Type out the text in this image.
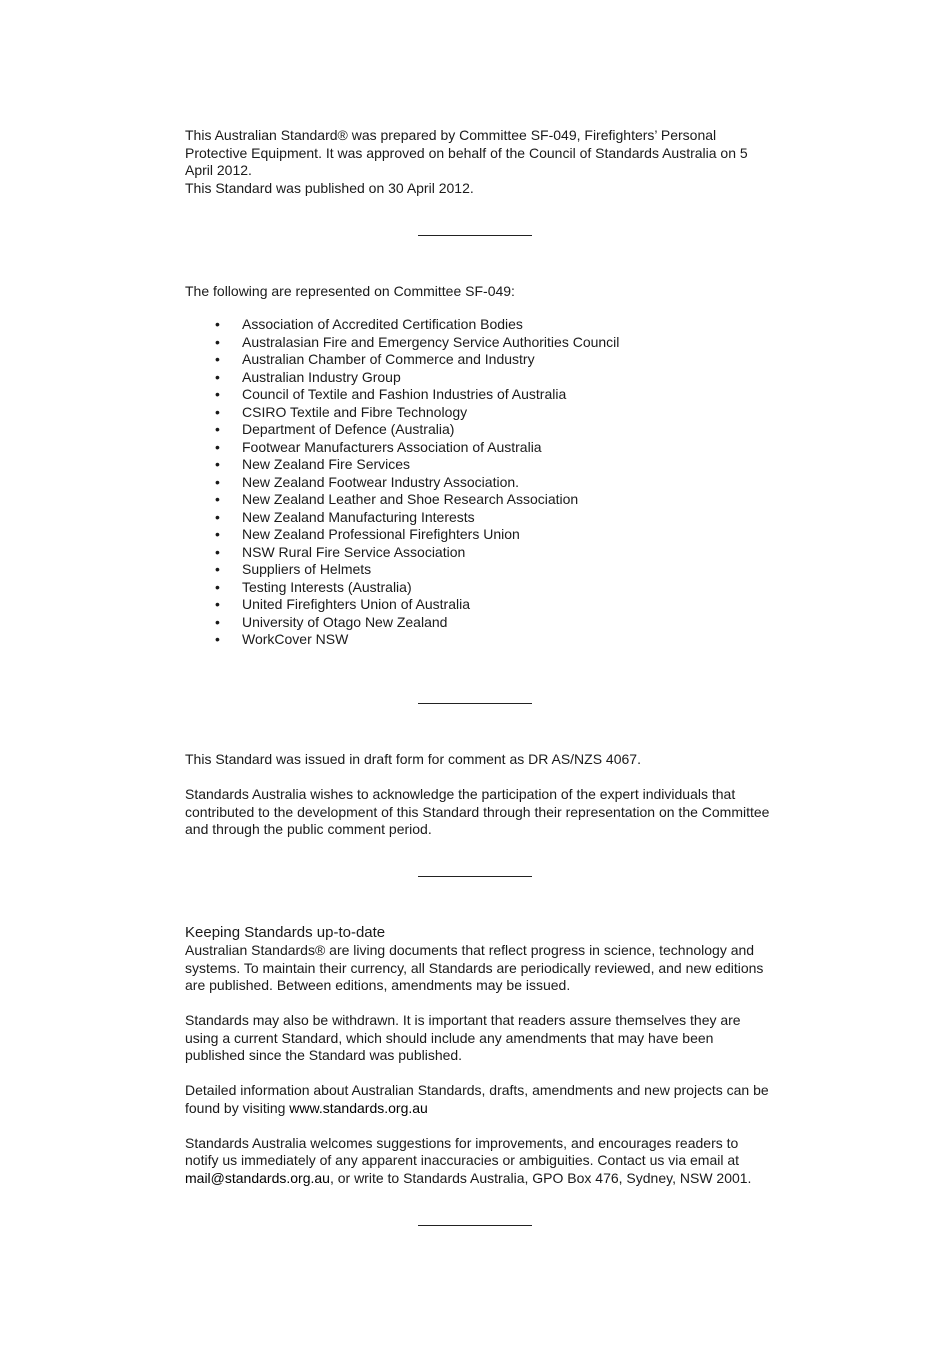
This Australian Standard® was prepared by Committee SF-049, Firefighters’ Personal Protective Equipment. It was approved on behalf of the Council of Standards Australia on 5 April 2012.

This Standard was published on 30 April 2012.

The following are represented on Committee SF-049:

• Association of Accredited Certification Bodies
• Australasian Fire and Emergency Service Authorities Council
• Australian Chamber of Commerce and Industry
• Australian Industry Group
• Council of Textile and Fashion Industries of Australia
• CSIRO Textile and Fibre Technology
• Department of Defence (Australia)
• Footwear Manufacturers Association of Australia
• New Zealand Fire Services
• New Zealand Footwear Industry Association.
• New Zealand Leather and Shoe Research Association
• New Zealand Manufacturing Interests
• New Zealand Professional Firefighters Union
• NSW Rural Fire Service Association
• Suppliers of Helmets
• Testing Interests (Australia)
• United Firefighters Union of Australia
• University of Otago New Zealand
• WorkCover NSW

This Standard was issued in draft form for comment as DR AS/NZS 4067.

Standards Australia wishes to acknowledge the participation of the expert individuals that contributed to the development of this Standard through their representation on the Committee and through the public comment period.

Keeping Standards up-to-date

Australian Standards® are living documents that reflect progress in science, technology and systems. To maintain their currency, all Standards are periodically reviewed, and new editions are published. Between editions, amendments may be issued.

Standards may also be withdrawn. It is important that readers assure themselves they are using a current Standard, which should include any amendments that may have been published since the Standard was published.

Detailed information about Australian Standards, drafts, amendments and new projects can be found by visiting www.standards.org.au

Standards Australia welcomes suggestions for improvements, and encourages readers to notify us immediately of any apparent inaccuracies or ambiguities. Contact us via email at mail@standards.org.au, or write to Standards Australia, GPO Box 476, Sydney, NSW 2001.
